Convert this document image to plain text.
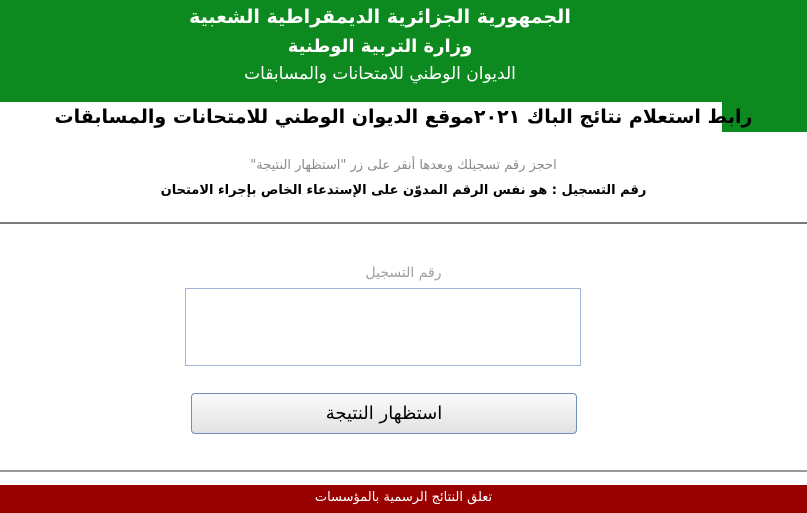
الجمهورية الجزائرية الديمقراطية الشعبية
وزارة التربية الوطنية
الديوان الوطني للامتحانات والمسابقات
رابط استعلام نتائج الباك ٢٠٢١موقع الديوان الوطني للامتحانات والمسابقات
احجز رقم تسجيلك وبعدها أنقر على زر "استظهار النتيجة"
رقم التسجيل : هو نفس الرقم المدوّن على الإستدعاء الخاص بإجراء الامتحان
رقم التسجيل
استظهار النتيجة
تعلق النتائج الرسمية بالمؤسسات
